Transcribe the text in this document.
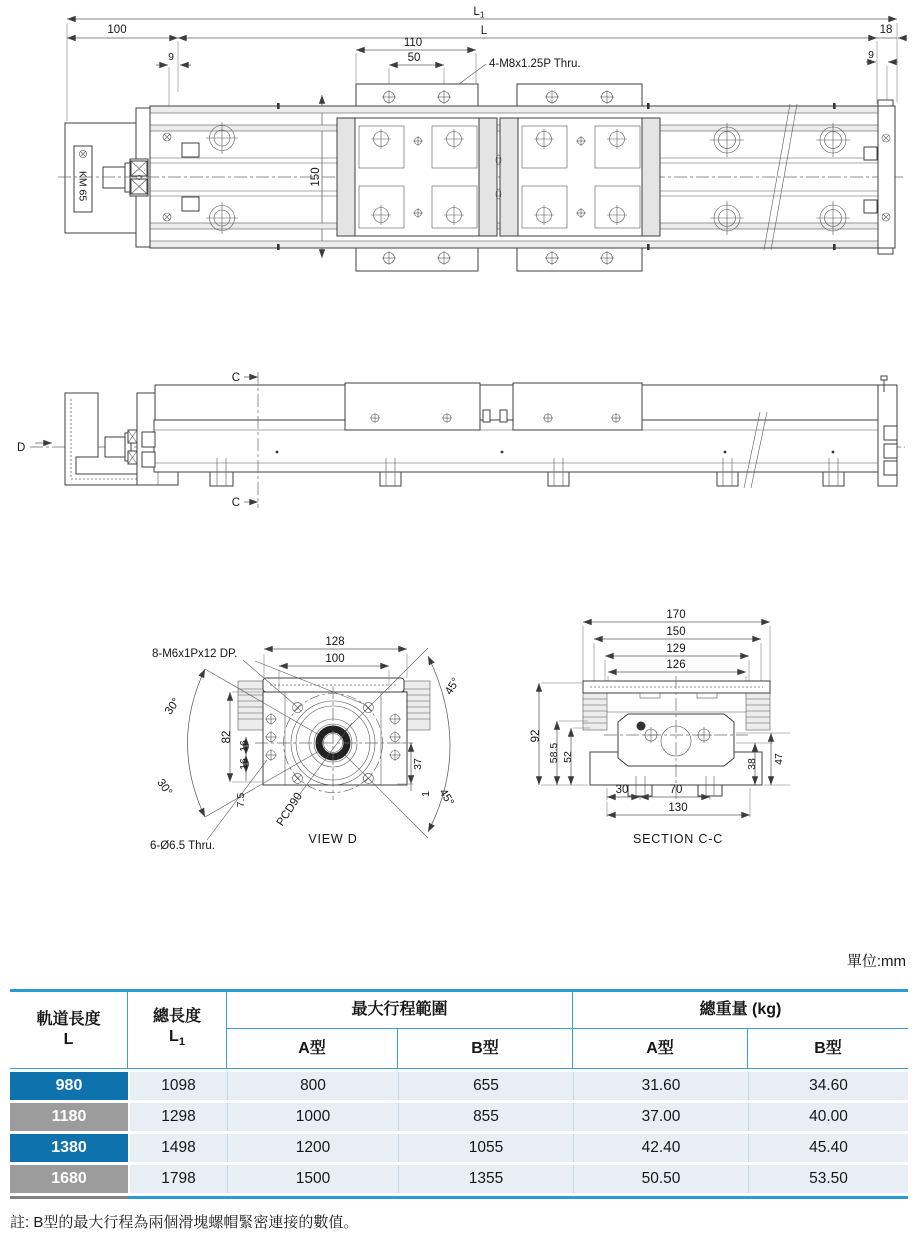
$L_1$
L
100
9
110
50	4-M8x1.25P Thru.
18
9
150
KM 65
D
C
C
128
100
82
16
16
7.5
37
1
30°
30°
45°
45°
8-M6x1Px12 DP.
PCD90
6-Ø6.5 Thru.	VIEW D
170
150
129
126
92
58.5 52
38 47
30	70
130
SECTION C-C
單位:mm
軌道長度
L
總長度
$L_1$
最大行程範圍	總重量 (kg)
A型	B型	A型	B型
980	1098	800	655	31.60	34.60
1180	1298	1000	855	37.00	40.00
1380	1498	1200	1055	42.40	45.40
1680	1798	1500	1355	50.50	53.50
註: B型的最大行程為兩個滑塊螺帽緊密連接的數值。
